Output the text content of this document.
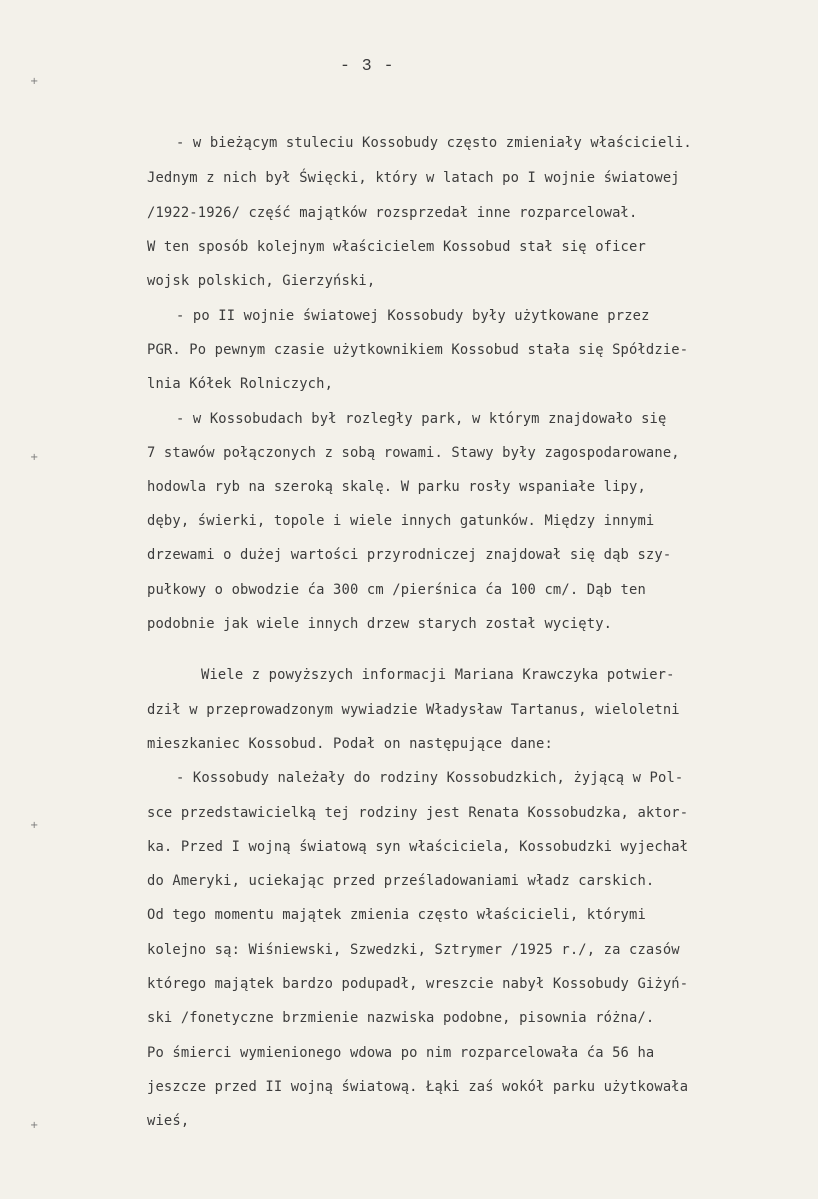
- 3 -
+
+
+
+
- w bieżącym stuleciu Kossobudy często zmieniały właścicieli.
Jednym z nich był Święcki, który w latach po I wojnie światowej
/1922-1926/ część majątków rozsprzedał inne rozparcelował.
W ten sposób kolejnym właścicielem Kossobud stał się oficer
wojsk polskich, Gierzyński,
- po II wojnie światowej Kossobudy były użytkowane przez
PGR. Po pewnym czasie użytkownikiem Kossobud stała się Spółdzie-
lnia Kółek Rolniczych,
- w Kossobudach był rozległy park, w którym znajdowało się
7 stawów połączonych z sobą rowami. Stawy były zagospodarowane,
hodowla ryb na szeroką skalę. W parku rosły wspaniałe lipy,
dęby, świerki, topole i wiele innych gatunków. Między innymi
drzewami o dużej wartości przyrodniczej znajdował się dąb szy-
pułkowy o obwodzie ća 300 cm /pierśnica ća 100 cm/. Dąb ten
podobnie jak wiele innych drzew starych został wycięty.
Wiele z powyższych informacji Mariana Krawczyka potwier-
dził w przeprowadzonym wywiadzie Władysław Tartanus, wieloletni
mieszkaniec Kossobud. Podał on następujące dane:
- Kossobudy należały do rodziny Kossobudzkich, żyjącą w Pol-
sce przedstawicielką tej rodziny jest Renata Kossobudzka, aktor-
ka. Przed I wojną światową syn właściciela, Kossobudzki wyjechał
do Ameryki, uciekając przed prześladowaniami władz carskich.
Od tego momentu majątek zmienia często właścicieli, którymi
kolejno są: Wiśniewski, Szwedzki, Sztrymer /1925 r./, za czasów
którego majątek bardzo podupadł, wreszcie nabył Kossobudy Giżyń-
ski /fonetyczne brzmienie nazwiska podobne, pisownia różna/.
Po śmierci wymienionego wdowa po nim rozparcelowała ća 56 ha
jeszcze przed II wojną światową. Łąki zaś wokół parku użytkowała
wieś,
